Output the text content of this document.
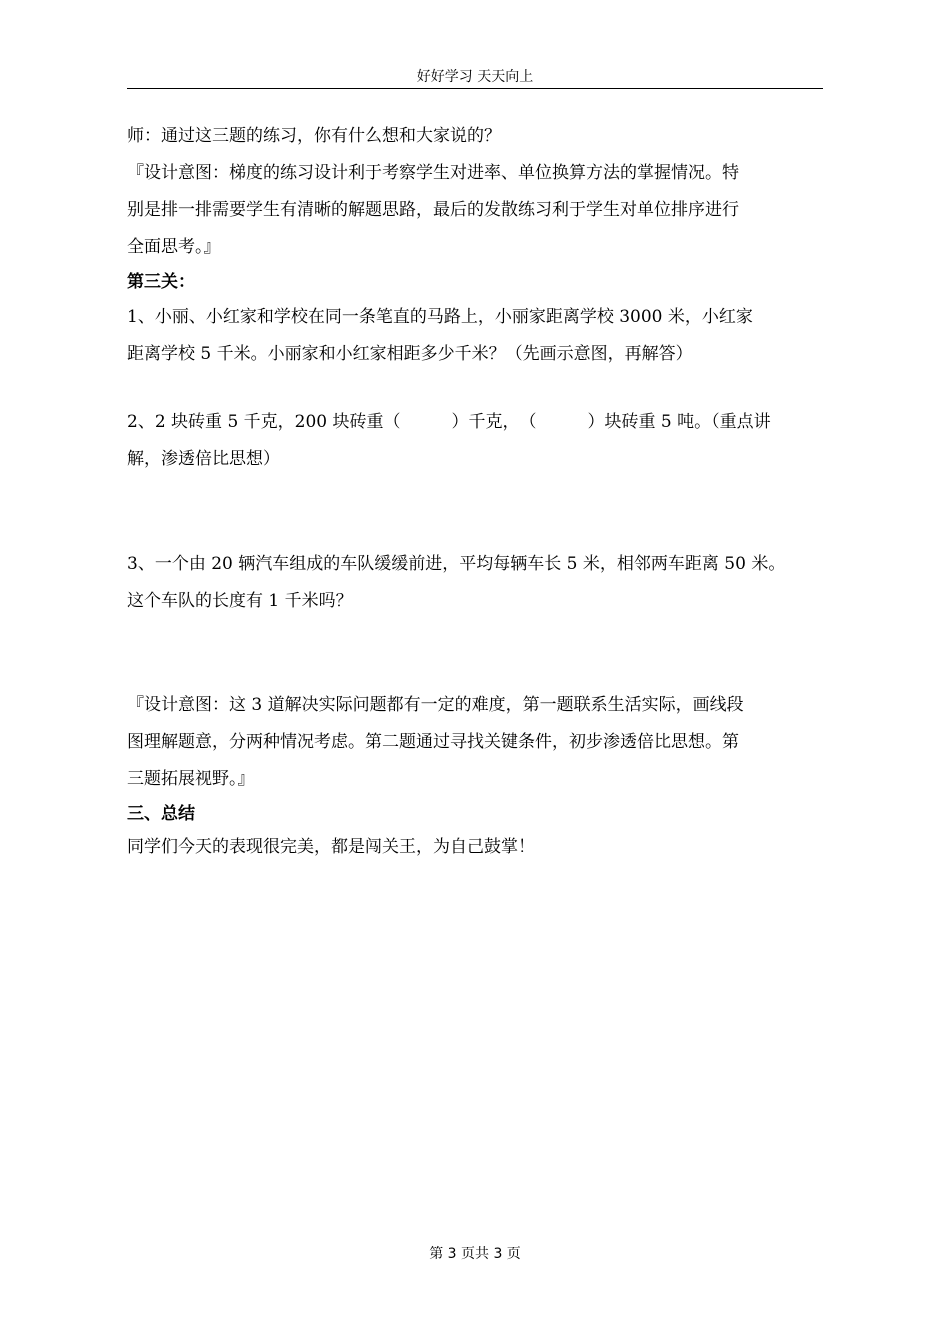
好好学习 天天向上
师：通过这三题的练习，你有什么想和大家说的？
『设计意图：梯度的练习设计利于考察学生对进率、单位换算方法的掌握情况。特
别是排一排需要学生有清晰的解题思路，最后的发散练习利于学生对单位排序进行
全面思考。』
第三关：
1、小丽、小红家和学校在同一条笔直的马路上，小丽家距离学校 3000 米，小红家
距离学校 5 千米。小丽家和小红家相距多少千米？（先画示意图，再解答）
2、2 块砖重 5 千克，200 块砖重（　　　）千克，　（　　　）块砖重 5 吨。（重点讲
解，渗透倍比思想）
3、一个由 20 辆汽车组成的车队缓缓前进，平均每辆车长 5 米，相邻两车距离 50 米。
这个车队的长度有 1 千米吗？
『设计意图：这 3 道解决实际问题都有一定的难度，第一题联系生活实际，画线段
图理解题意，分两种情况考虑。第二题通过寻找关键条件，初步渗透倍比思想。第
三题拓展视野。』
三、总结
同学们今天的表现很完美，都是闯关王，为自己鼓掌！
第 3 页共 3 页
